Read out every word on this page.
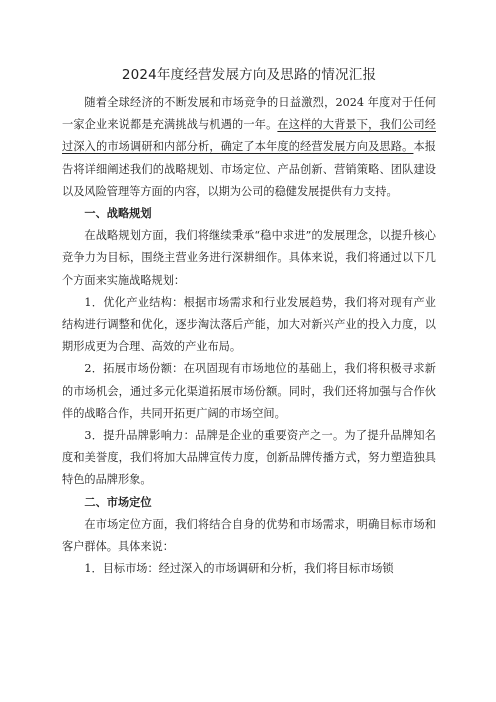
2024年度经营发展方向及思路的情况汇报

随着全球经济的不断发展和市场竞争的日益激烈，2024 年度对于任何一家企业来说都是充满挑战与机遇的一年。在这样的大背景下，我们公司经过深入的市场调研和内部分析，确定了本年度的经营发展方向及思路。本报告将详细阐述我们的战略规划、市场定位、产品创新、营销策略、团队建设以及风险管理等方面的内容，以期为公司的稳健发展提供有力支持。

一、战略规划

在战略规划方面，我们将继续秉承“稳中求进”的发展理念，以提升核心竞争力为目标，围绕主营业务进行深耕细作。具体来说，我们将通过以下几个方面来实施战略规划：

1．优化产业结构：根据市场需求和行业发展趋势，我们将对现有产业结构进行调整和优化，逐步淘汰落后产能，加大对新兴产业的投入力度，以期形成更为合理、高效的产业布局。

2．拓展市场份额：在巩固现有市场地位的基础上，我们将积极寻求新的市场机会，通过多元化渠道拓展市场份额。同时，我们还将加强与合作伙伴的战略合作，共同开拓更广阔的市场空间。

3．提升品牌影响力：品牌是企业的重要资产之一。为了提升品牌知名度和美誉度，我们将加大品牌宣传力度，创新品牌传播方式，努力塑造独具特色的品牌形象。

二、市场定位

在市场定位方面，我们将结合自身的优势和市场需求，明确目标市场和客户群体。具体来说：

1．目标市场：经过深入的市场调研和分析，我们将目标市场锁
